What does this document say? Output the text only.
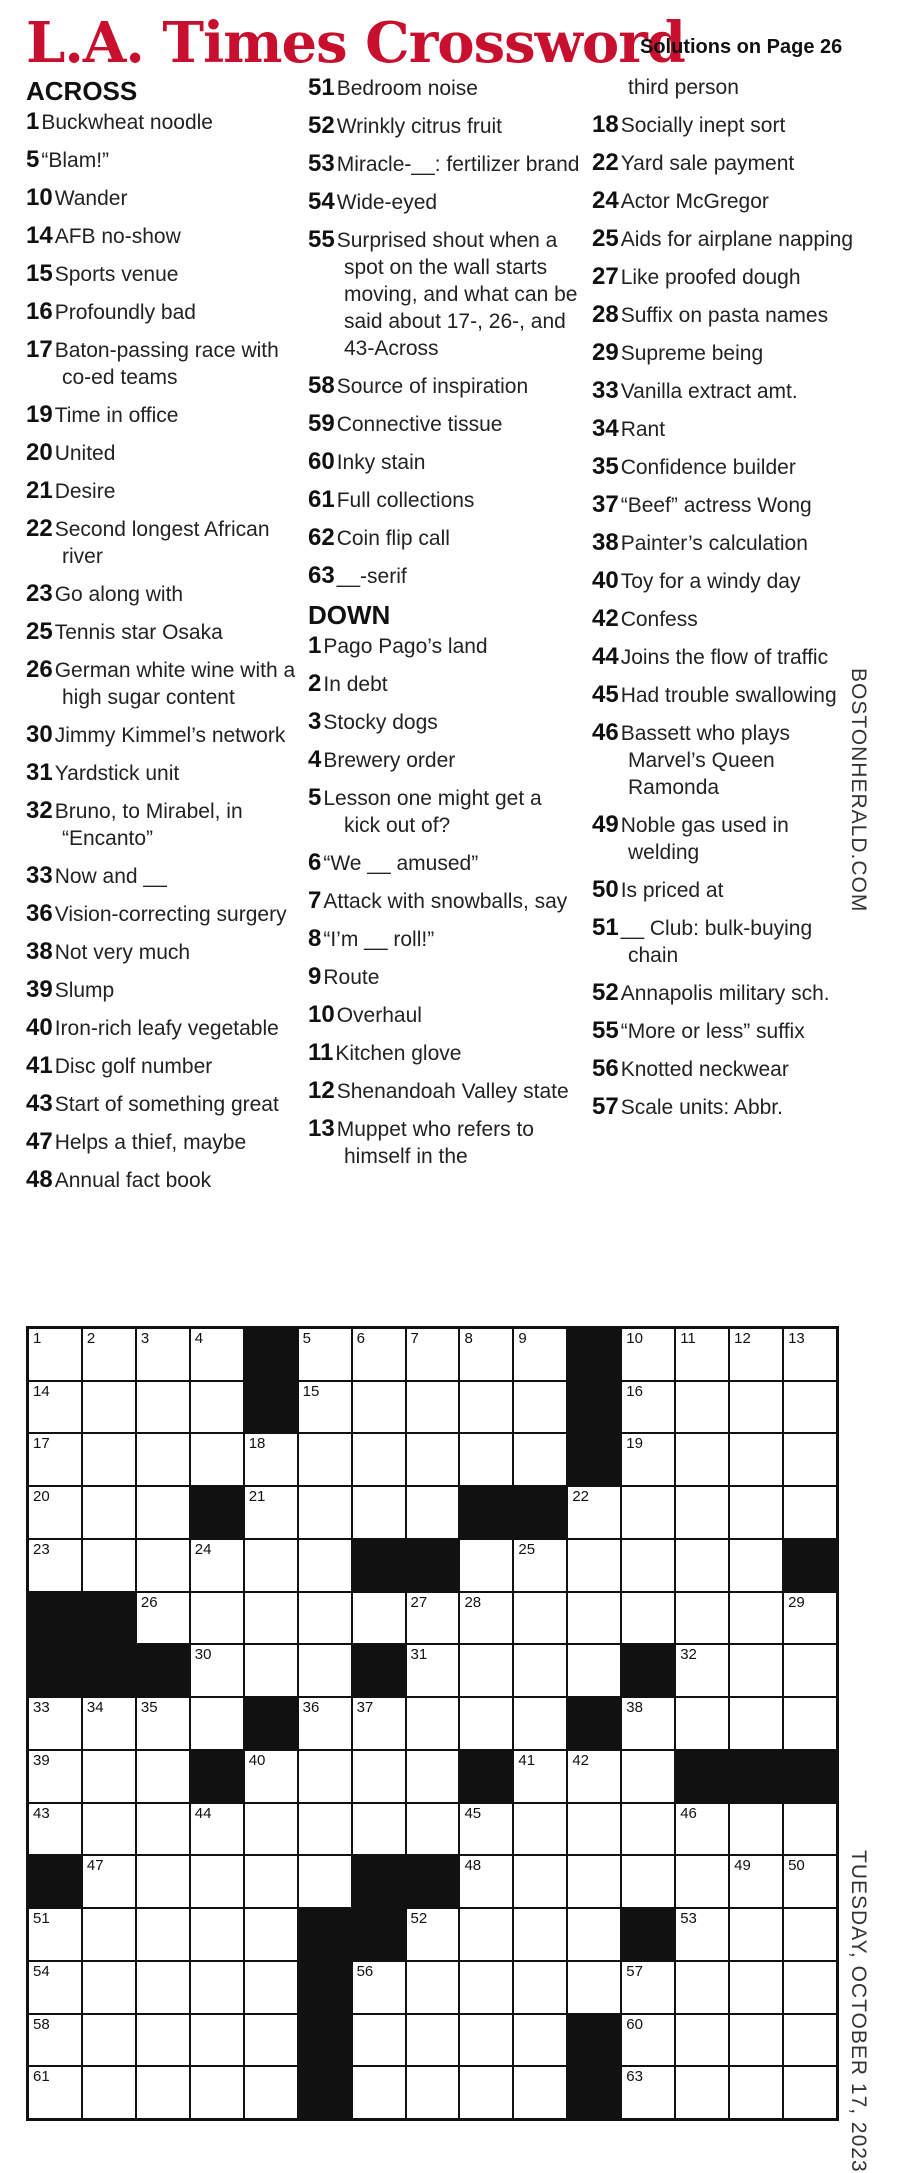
L.A. Times Crossword
Solutions on Page 26
ACROSS
1Buckwheat noodle
5“Blam!”
10Wander
14AFB no-show
15Sports venue
16Profoundly bad
17Baton-passing race with co-ed teams
19Time in office
20United
21Desire
22Second longest African river
23Go along with
25Tennis star Osaka
26German white wine with a high sugar content
30Jimmy Kimmel’s network
31Yardstick unit
32Bruno, to Mirabel, in “Encanto”
33Now and __
36Vision-correcting surgery
38Not very much
39Slump
40Iron-rich leafy vegetable
41Disc golf number
43Start of something great
47Helps a thief, maybe
48Annual fact book
51Bedroom noise
52Wrinkly citrus fruit
53Miracle-__: fertilizer brand
54Wide-eyed
55Surprised shout when a spot on the wall starts moving, and what can be said about 17-, 26-, and 43-Across
58Source of inspiration
59Connective tissue
60Inky stain
61Full collections
62Coin flip call
63__-serif
DOWN
1Pago Pago’s land
2In debt
3Stocky dogs
4Brewery order
5Lesson one might get a kick out of?
6“We __ amused”
7Attack with snowballs, say
8“I’m __ roll!”
9Route
10Overhaul
11Kitchen glove
12Shenandoah Valley state
13Muppet who refers to himself in the
third person
18Socially inept sort
22Yard sale payment
24Actor McGregor
25Aids for airplane napping
27Like proofed dough
28Suffix on pasta names
29Supreme being
33Vanilla extract amt.
34Rant
35Confidence builder
37“Beef” actress Wong
38Painter’s calculation
40Toy for a windy day
42Confess
44Joins the flow of traffic
45Had trouble swallowing
46Bassett who plays Marvel’s Queen Ramonda
49Noble gas used in welding
50Is priced at
51__ Club: bulk-buying chain
52Annapolis military sch.
55“More or less” suffix
56Knotted neckwear
57Scale units: Abbr.
BOSTONHERALD.COM
TUESDAY, OCTOBER 17, 2023
1	2	3	4	5	6	7	8	9	10 11	12 13
14	15	16
17	18	19
20	21	22
23	24	25
26	27 28	29
30	31	32
33 34 35	36 37	38
39	40	41 42
43	44	45	46
47	48	49 50
51	52	53
54	56	57
58	60
61	63
